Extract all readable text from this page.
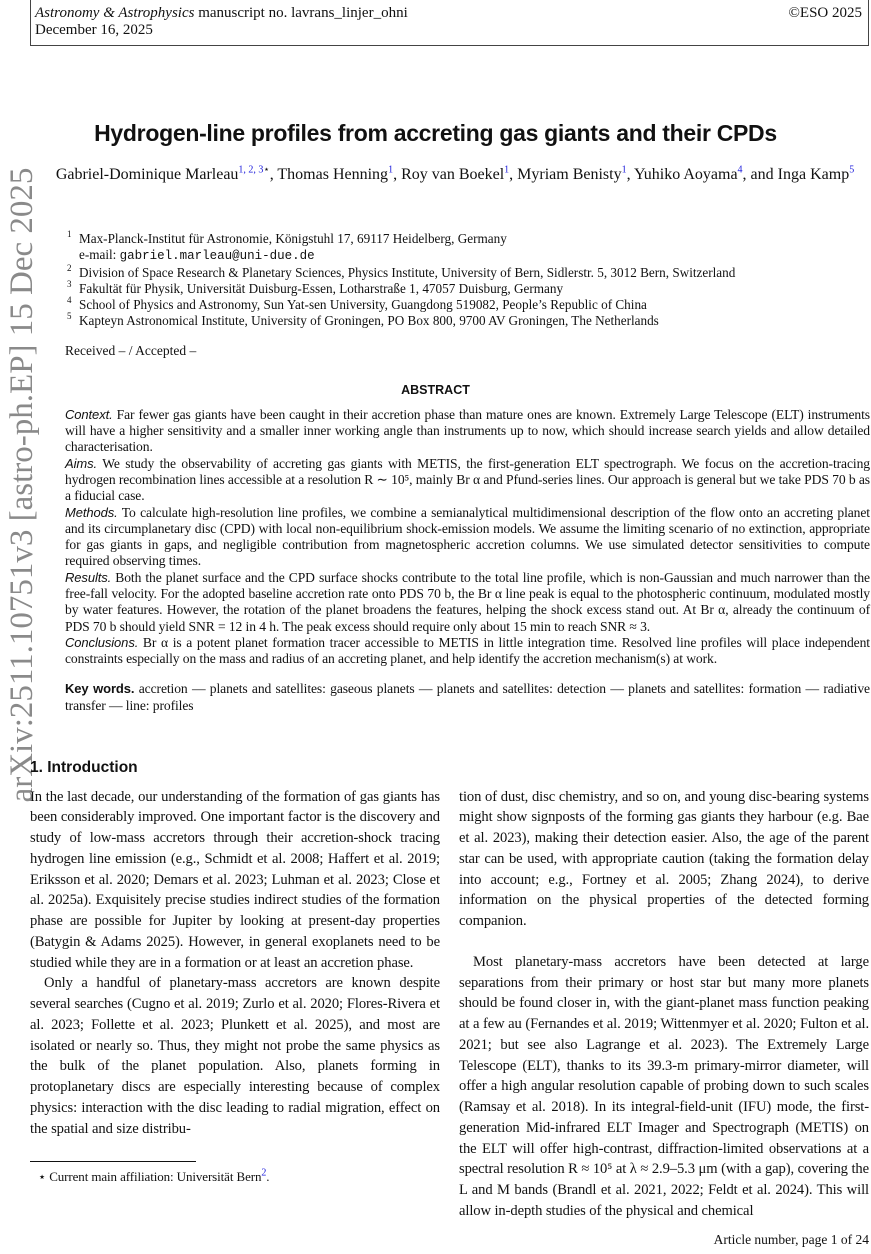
Astronomy & Astrophysics manuscript no. lavrans_linjer_ohni
December 16, 2025
©ESO 2025
arXiv:2511.10751v3 [astro-ph.EP] 15 Dec 2025
Hydrogen-line profiles from accreting gas giants and their CPDs
Gabriel-Dominique Marleau$^{1, 2, 3⋆}$, Thomas Henning$^1$, Roy van Boekel$^1$, Myriam Benisty$^1$, Yuhiko Aoyama$^4$, and Inga Kamp$^5$
1 Max-Planck-Institut für Astronomie, Königstuhl 17, 69117 Heidelberg, Germany
e-mail: gabriel.marleau@uni-due.de
2 Division of Space Research & Planetary Sciences, Physics Institute, University of Bern, Sidlerstr. 5, 3012 Bern, Switzerland
3 Fakultät für Physik, Universität Duisburg-Essen, Lotharstraße 1, 47057 Duisburg, Germany
4 School of Physics and Astronomy, Sun Yat-sen University, Guangdong 519082, People’s Republic of China
5 Kapteyn Astronomical Institute, University of Groningen, PO Box 800, 9700 AV Groningen, The Netherlands
Received – / Accepted –
ABSTRACT

Context. Far fewer gas giants have been caught in their accretion phase than mature ones are known. Extremely Large Telescope (ELT) instruments will have a higher sensitivity and a smaller inner working angle than instruments up to now, which should increase search yields and allow detailed characterisation.

Aims. We study the observability of accreting gas giants with METIS, the first-generation ELT spectrograph. We focus on the accretion-tracing hydrogen recombination lines accessible at a resolution R ∼ 10⁵, mainly Br α and Pfund-series lines. Our approach is general but we take PDS 70 b as a fiducial case.

Methods. To calculate high-resolution line profiles, we combine a semianalytical multidimensional description of the flow onto an accreting planet and its circumplanetary disc (CPD) with local non-equilibrium shock-emission models. We assume the limiting scenario of no extinction, appropriate for gas giants in gaps, and negligible contribution from magnetospheric accretion columns. We use simulated detector sensitivities to compute required observing times.

Results. Both the planet surface and the CPD surface shocks contribute to the total line profile, which is non-Gaussian and much narrower than the free-fall velocity. For the adopted baseline accretion rate onto PDS 70 b, the Br α line peak is equal to the photospheric continuum, modulated mostly by water features. However, the rotation of the planet broadens the features, helping the shock excess stand out. At Br α, already the continuum of PDS 70 b should yield SNR = 12 in 4 h. The peak excess should require only about 15 min to reach SNR ≈ 3.

Conclusions. Br α is a potent planet formation tracer accessible to METIS in little integration time. Resolved line profiles will place independent constraints especially on the mass and radius of an accreting planet, and help identify the accretion mechanism(s) at work.

Key words. accretion — planets and satellites: gaseous planets — planets and satellites: detection — planets and satellites: formation — radiative transfer — line: profiles
1. Introduction

In the last decade, our understanding of the formation of gas giants has been considerably improved. One important factor is the discovery and study of low-mass accretors through their accretion-shock tracing hydrogen line emission (e.g., Schmidt et al. 2008; Haffert et al. 2019; Eriksson et al. 2020; Demars et al. 2023; Luhman et al. 2023; Close et al. 2025a). Exquisitely precise studies indirect studies of the formation phase are possible for Jupiter by looking at present-day properties (Batygin & Adams 2025). However, in general exoplanets need to be studied while they are in a formation or at least an accretion phase.

Only a handful of planetary-mass accretors are known despite several searches (Cugno et al. 2019; Zurlo et al. 2020; Flores-Rivera et al. 2023; Follette et al. 2023; Plunkett et al. 2025), and most are isolated or nearly so. Thus, they might not probe the same physics as the bulk of the planet population. Also, planets forming in protoplanetary discs are especially interesting because of complex physics: interaction with the disc leading to radial migration, effect on the spatial and size distribu-

⋆ Current main affiliation: Universität Bern$^2$.

tion of dust, disc chemistry, and so on, and young disc-bearing systems might show signposts of the forming gas giants they harbour (e.g. Bae et al. 2023), making their detection easier. Also, the age of the parent star can be used, with appropriate caution (taking the formation delay into account; e.g., Fortney et al. 2005; Zhang 2024), to derive information on the physical properties of the detected forming companion.

Most planetary-mass accretors have been detected at large separations from their primary or host star but many more planets should be found closer in, with the giant-planet mass function peaking at a few au (Fernandes et al. 2019; Wittenmyer et al. 2020; Fulton et al. 2021; but see also Lagrange et al. 2023). The Extremely Large Telescope (ELT), thanks to its 39.3-m primary-mirror diameter, will offer a high angular resolution capable of probing down to such scales (Ramsay et al. 2018). In its integral-field-unit (IFU) mode, the first-generation Mid-infrared ELT Imager and Spectrograph (METIS) on the ELT will offer high-contrast, diffraction-limited observations at a spectral resolution R ≈ 10⁵ at λ ≈ 2.9–5.3 μm (with a gap), covering the L and M bands (Brandl et al. 2021, 2022; Feldt et al. 2024). This will allow in-depth studies of the physical and chemical

Article number, page 1 of 24
